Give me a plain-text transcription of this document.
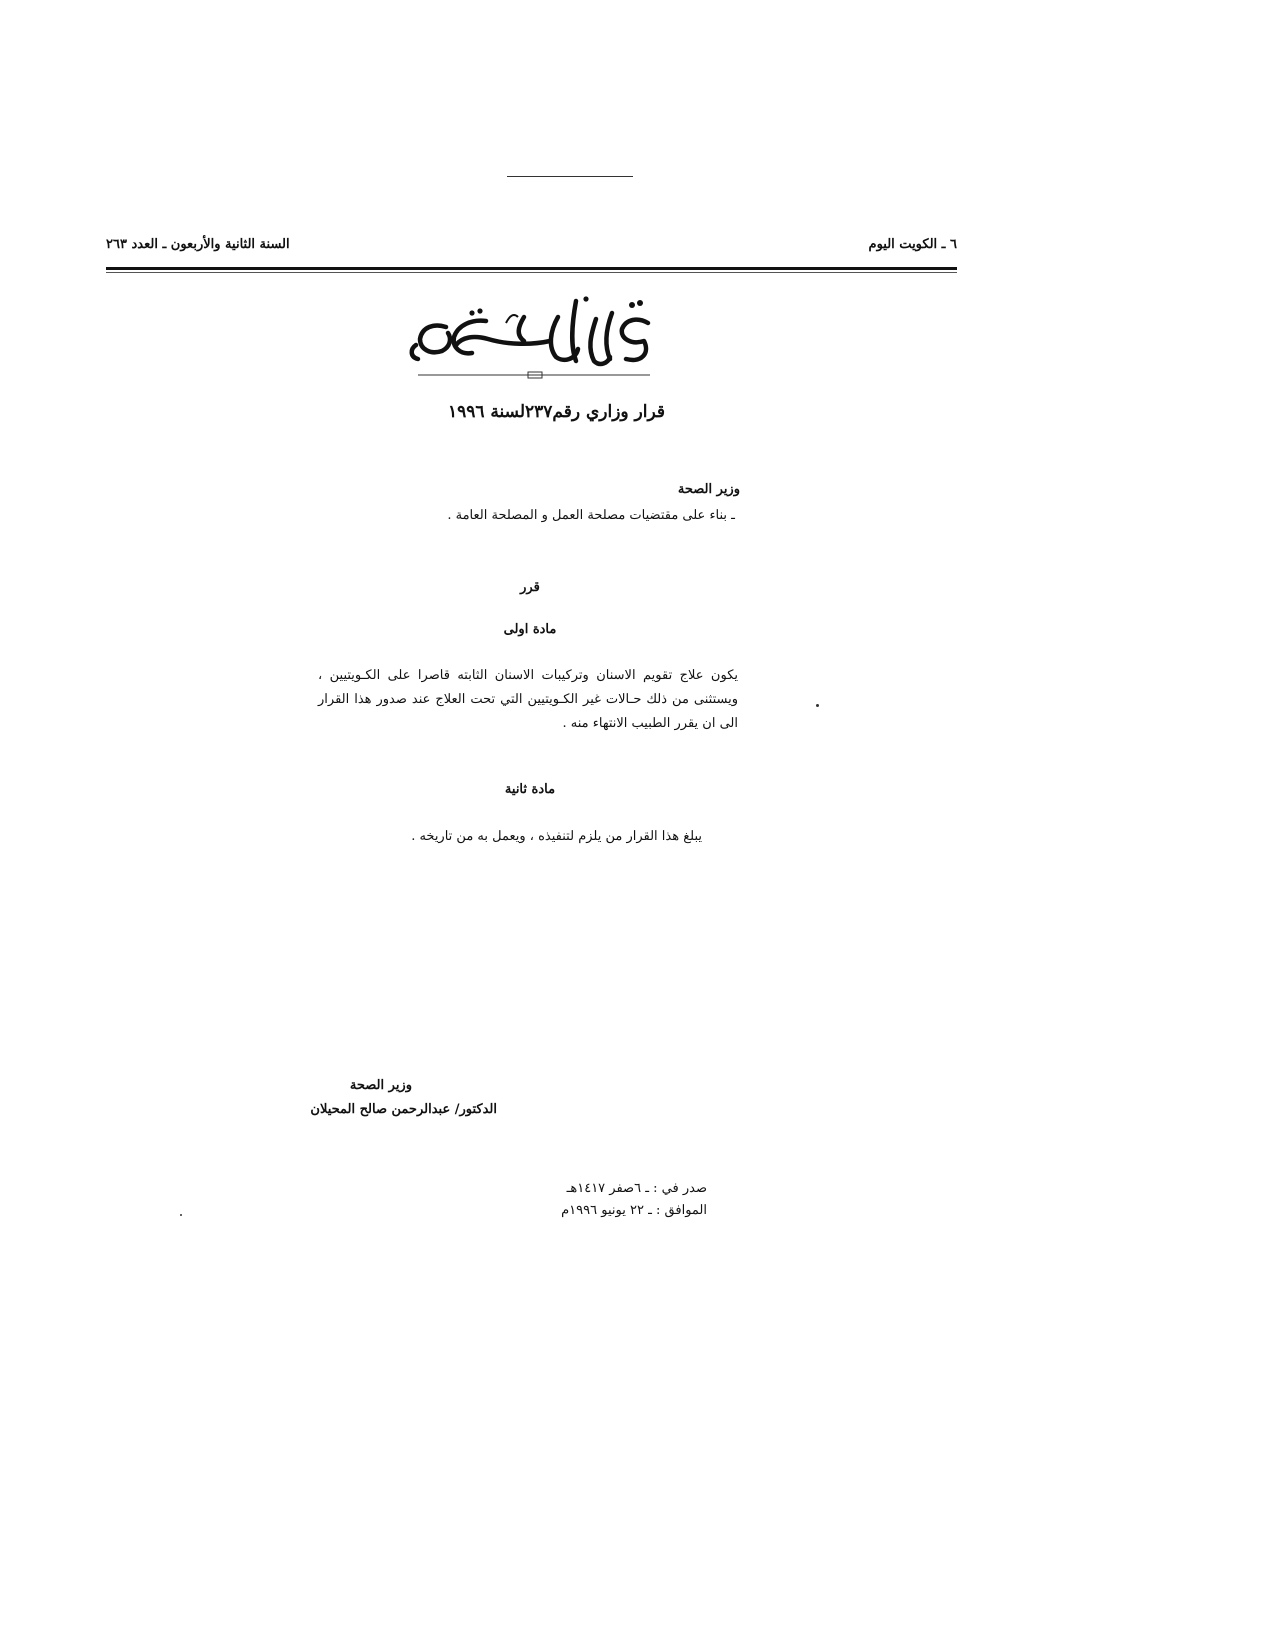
٦ ـ الكويت اليوم
السنة الثانية والأربعون ـ العدد ٢٦٣
قرار وزاري رقم٢٣٧لسنة ١٩٩٦
وزير الصحة
ـ بناء على مقتضيات مصلحة العمل و المصلحة العامة .
قرر
مادة اولى
يكون علاج تقويم الاسنان وتركيبات الاسنان الثابته قاصرا على الكـويتيين ، ويستثنى من ذلك حـالات غير الكـويتيين التي تحت العلاج عند صدور هذا القرار الى ان يقرر الطبيب الانتهاء منه .
مادة ثانية
يبلغ هذا القرار من يلزم لتنفيذه ، ويعمل به من تاريخه .
وزير الصحة
الدكتور/ عبدالرحمن صالح المحيلان
صدر في : ـ ٦صفر ١٤١٧هـ
الموافق : ـ ٢٢ يونيو ١٩٩٦م
